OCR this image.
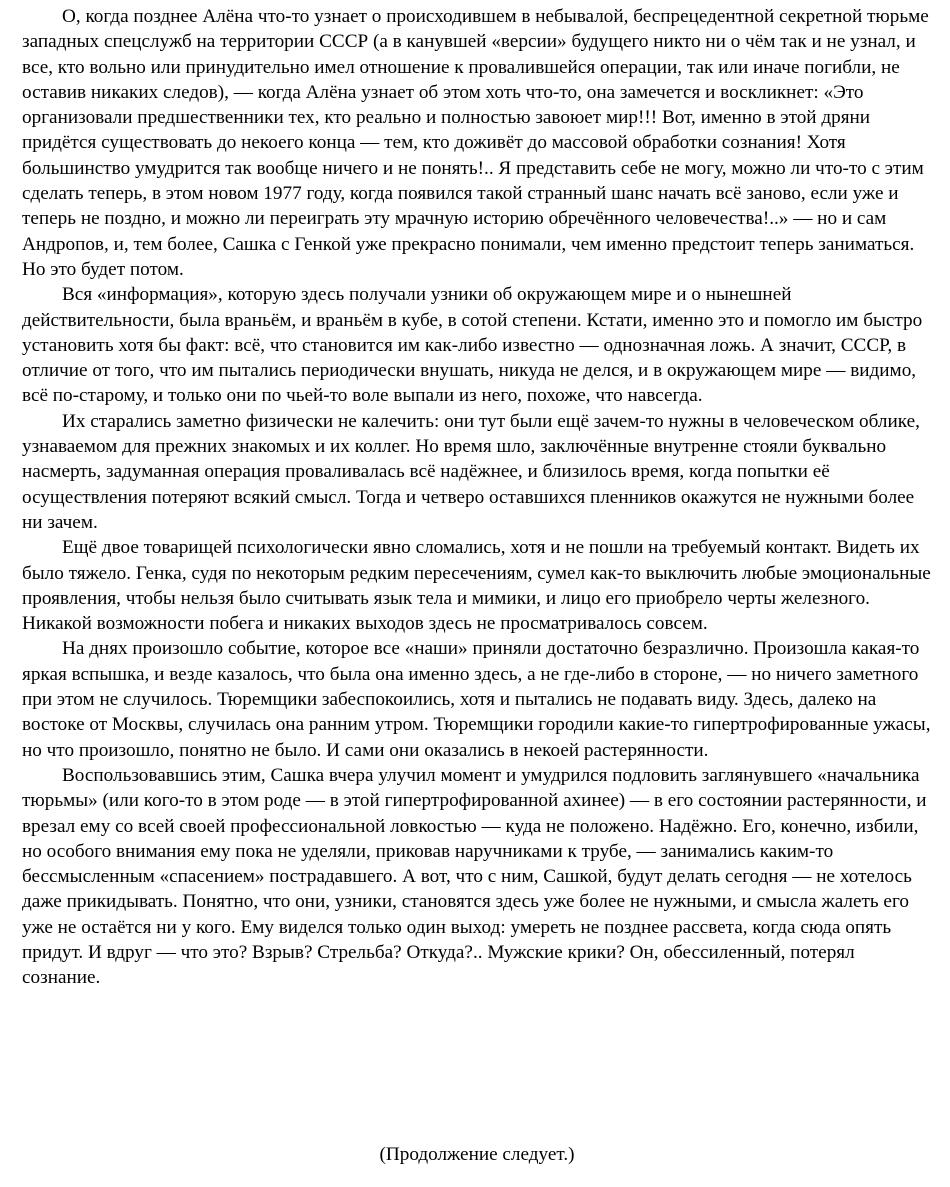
О, когда позднее Алёна что-то узнает о происходившем в небывалой, беспрецедентной секретной тюрьме западных спецслужб на территории СССР (а в канувшей «версии» будущего никто ни о чём так и не узнал, и все, кто вольно или принудительно имел отношение к провалившейся операции, так или иначе погибли, не оставив никаких следов), — когда Алёна узнает об этом хоть что-то, она замечется и воскликнет: «Это организовали предшественники тех, кто реально и полностью завоюет мир!!! Вот, именно в этой дряни придётся существовать до некоего конца — тем, кто доживёт до массовой обработки сознания! Хотя большинство умудрится так вообще ничего и не понять!.. Я представить себе не могу, можно ли что-то с этим сделать теперь, в этом новом 1977 году, когда появился такой странный шанс начать всё заново, если уже и теперь не поздно, и можно ли переиграть эту мрачную историю обречённого человечества!..» — но и сам Андропов, и, тем более, Сашка с Генкой уже прекрасно понимали, чем именно предстоит теперь заниматься. Но это будет потом.

Вся «информация», которую здесь получали узники об окружающем мире и о нынешней действительности, была враньём, и враньём в кубе, в сотой степени. Кстати, именно это и помогло им быстро установить хотя бы факт: всё, что становится им как-либо известно — однозначная ложь. А значит, СССР, в отличие от того, что им пытались периодически внушать, никуда не делся, и в окружающем мире — видимо, всё по-старому, и только они по чьей-то воле выпали из него, похоже, что навсегда.

Их старались заметно физически не калечить: они тут были ещё зачем-то нужны в человеческом облике, узнаваемом для прежних знакомых и их коллег. Но время шло, заключённые внутренне стояли буквально насмерть, задуманная операция проваливалась всё надёжнее, и близилось время, когда попытки её осуществления потеряют всякий смысл. Тогда и четверо оставшихся пленников окажутся не нужными более ни зачем.

Ещё двое товарищей психологически явно сломались, хотя и не пошли на требуемый контакт. Видеть их было тяжело. Генка, судя по некоторым редким пересечениям, сумел как-то выключить любые эмоциональные проявления, чтобы нельзя было считывать язык тела и мимики, и лицо его приобрело черты железного. Никакой возможности побега и никаких выходов здесь не просматривалось совсем.

На днях произошло событие, которое все «наши» приняли достаточно безразлично. Произошла какая-то яркая вспышка, и везде казалось, что была она именно здесь, а не где-либо в стороне, — но ничего заметного при этом не случилось. Тюремщики забеспокоились, хотя и пытались не подавать виду. Здесь, далеко на востоке от Москвы, случилась она ранним утром. Тюремщики городили какие-то гипертрофированные ужасы, но что произошло, понятно не было. И сами они оказались в некоей растерянности.

Воспользовавшись этим, Сашка вчера улучил момент и умудрился подловить заглянувшего «начальника тюрьмы» (или кого-то в этом роде — в этой гипертрофированной ахинее) — в его состоянии растерянности, и врезал ему со всей своей профессиональной ловкостью — куда не положено. Надёжно. Его, конечно, избили, но особого внимания ему пока не уделяли, приковав наручниками к трубе, — занимались каким-то бессмысленным «спасением» пострадавшего. А вот, что с ним, Сашкой, будут делать сегодня — не хотелось даже прикидывать. Понятно, что они, узники, становятся здесь уже более не нужными, и смысла жалеть его уже не остаётся ни у кого. Ему виделся только один выход: умереть не позднее рассвета, когда сюда опять придут. И вдруг — что это? Взрыв? Стрельба? Откуда?.. Мужские крики? Он, обессиленный, потерял сознание.

(Продолжение следует.)
